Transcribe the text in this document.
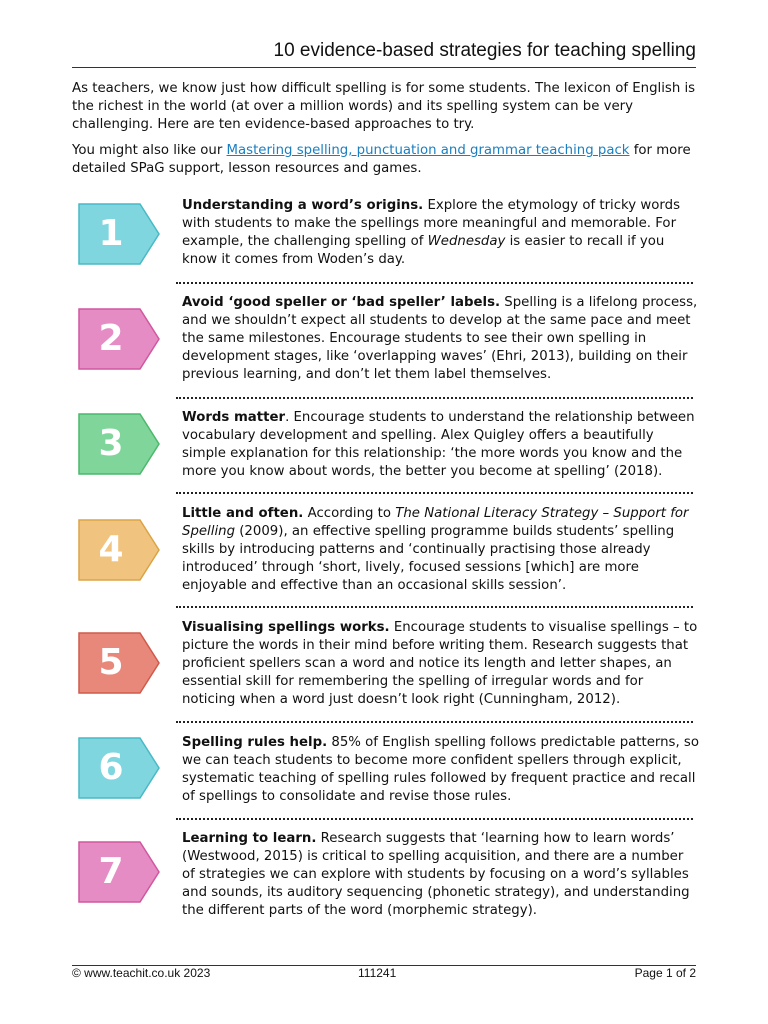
10 evidence-based strategies for teaching spelling

As teachers, we know just how difficult spelling is for some students. The lexicon of English is the richest in the world (at over a million words) and its spelling system can be very challenging. Here are ten evidence-based approaches to try.

You might also like our Mastering spelling, punctuation and grammar teaching pack for more detailed SPaG support, lesson resources and games.

1
Understanding a word’s origins. Explore the etymology of tricky words with students to make the spellings more meaningful and memorable. For example, the challenging spelling of Wednesday is easier to recall if you know it comes from Woden’s day.
2
Avoid ‘good speller or ‘bad speller’ labels. Spelling is a lifelong process, and we shouldn’t expect all students to develop at the same pace and meet the same milestones. Encourage students to see their own spelling in development stages, like ‘overlapping waves’ (Ehri, 2013), building on their previous learning, and don’t let them label themselves.
3
Words matter. Encourage students to understand the relationship between vocabulary development and spelling. Alex Quigley offers a beautifully simple explanation for this relationship: ‘the more words you know and the more you know about words, the better you become at spelling’ (2018).
4
Little and often. According to The National Literacy Strategy – Support for Spelling (2009), an effective spelling programme builds students’ spelling skills by introducing patterns and ‘continually practising those already introduced’ through ‘short, lively, focused sessions [which] are more enjoyable and effective than an occasional skills session’.
5
Visualising spellings works. Encourage students to visualise spellings – to picture the words in their mind before writing them. Research suggests that proficient spellers scan a word and notice its length and letter shapes, an essential skill for remembering the spelling of irregular words and for noticing when a word just doesn’t look right (Cunningham, 2012).
6
Spelling rules help. 85% of English spelling follows predictable patterns, so we can teach students to become more confident spellers through explicit, systematic teaching of spelling rules followed by frequent practice and recall of spellings to consolidate and revise those rules.
7
Learning to learn. Research suggests that ‘learning how to learn words’ (Westwood, 2015) is critical to spelling acquisition, and there are a number of strategies we can explore with students by focusing on a word’s syllables and sounds, its auditory sequencing (phonetic strategy), and understanding the different parts of the word (morphemic strategy).
© www.teachit.co.uk 2023	111241	Page 1 of 2
